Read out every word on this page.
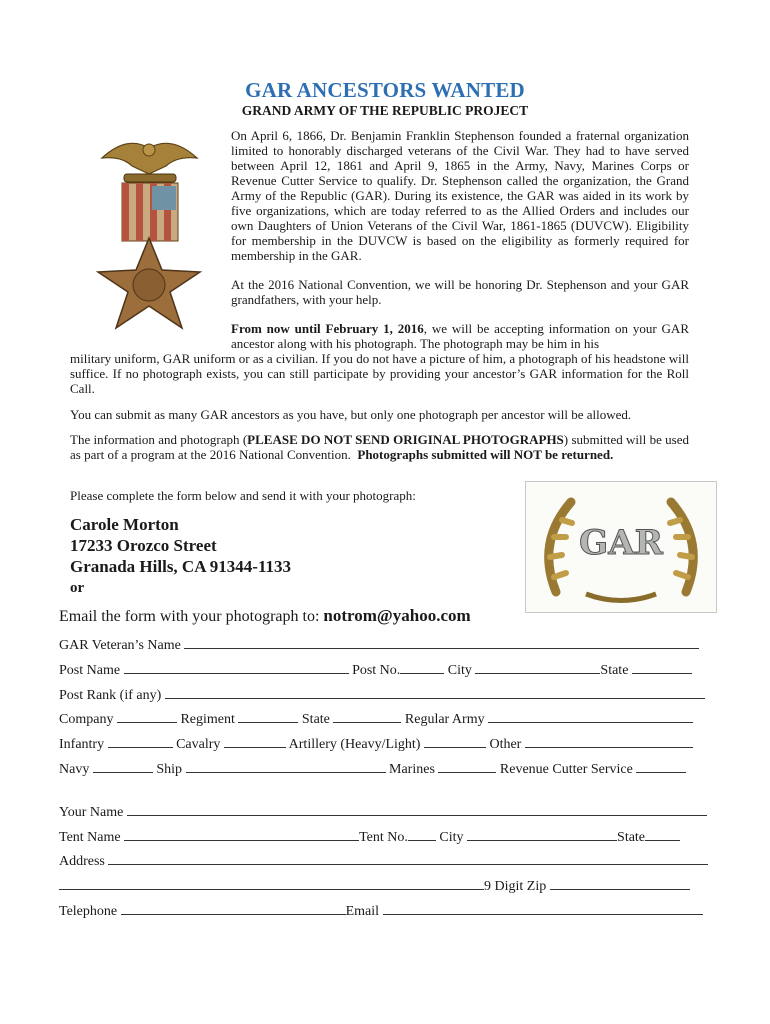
GAR ANCESTORS WANTED
GRAND ARMY OF THE REPUBLIC PROJECT

On April 6, 1866, Dr. Benjamin Franklin Stephenson founded a fraternal organization limited to honorably discharged veterans of the Civil War. They had to have served between April 12, 1861 and April 9, 1865 in the Army, Navy, Marines Corps or Revenue Cutter Service to qualify. Dr. Stephenson called the organization, the Grand Army of the Republic (GAR). During its existence, the GAR was aided in its work by five organizations, which are today referred to as the Allied Orders and includes our own Daughters of Union Veterans of the Civil War, 1861-1865 (DUVCW). Eligibility for membership in the DUVCW is based on the eligibility as formerly required for membership in the GAR.

At the 2016 National Convention, we will be honoring Dr. Stephenson and your GAR grandfathers, with your help.

From now until February 1, 2016, we will be accepting information on your GAR ancestor along with his photograph. The photograph may be him in his

military uniform, GAR uniform or as a civilian. If you do not have a picture of him, a photograph of his headstone will suffice. If no photograph exists, you can still participate by providing your ancestor’s GAR information for the Roll Call.

You can submit as many GAR ancestors as you have, but only one photograph per ancestor will be allowed.

The information and photograph (PLEASE DO NOT SEND ORIGINAL PHOTOGRAPHS) submitted will be used as part of a program at the 2016 National Convention. Photographs submitted will NOT be returned.

Please complete the form below and send it with your photograph:

GAR
Carole Morton
17233 Orozco Street
Granada Hills, CA 91344-1133
or
Email the form with your photograph to: notrom@yahoo.com
GAR Veteran’s Name
Post Name	Post No.	City	State
Post Rank (if any)
Company	Regiment	State	Regular Army
Infantry	Cavalry	Artillery (Heavy/Light)	Other
Navy	Ship	Marines	Revenue Cutter Service
Your Name
Tent Name	Tent No. City	State
Address
9 Digit Zip
Telephone	Email
